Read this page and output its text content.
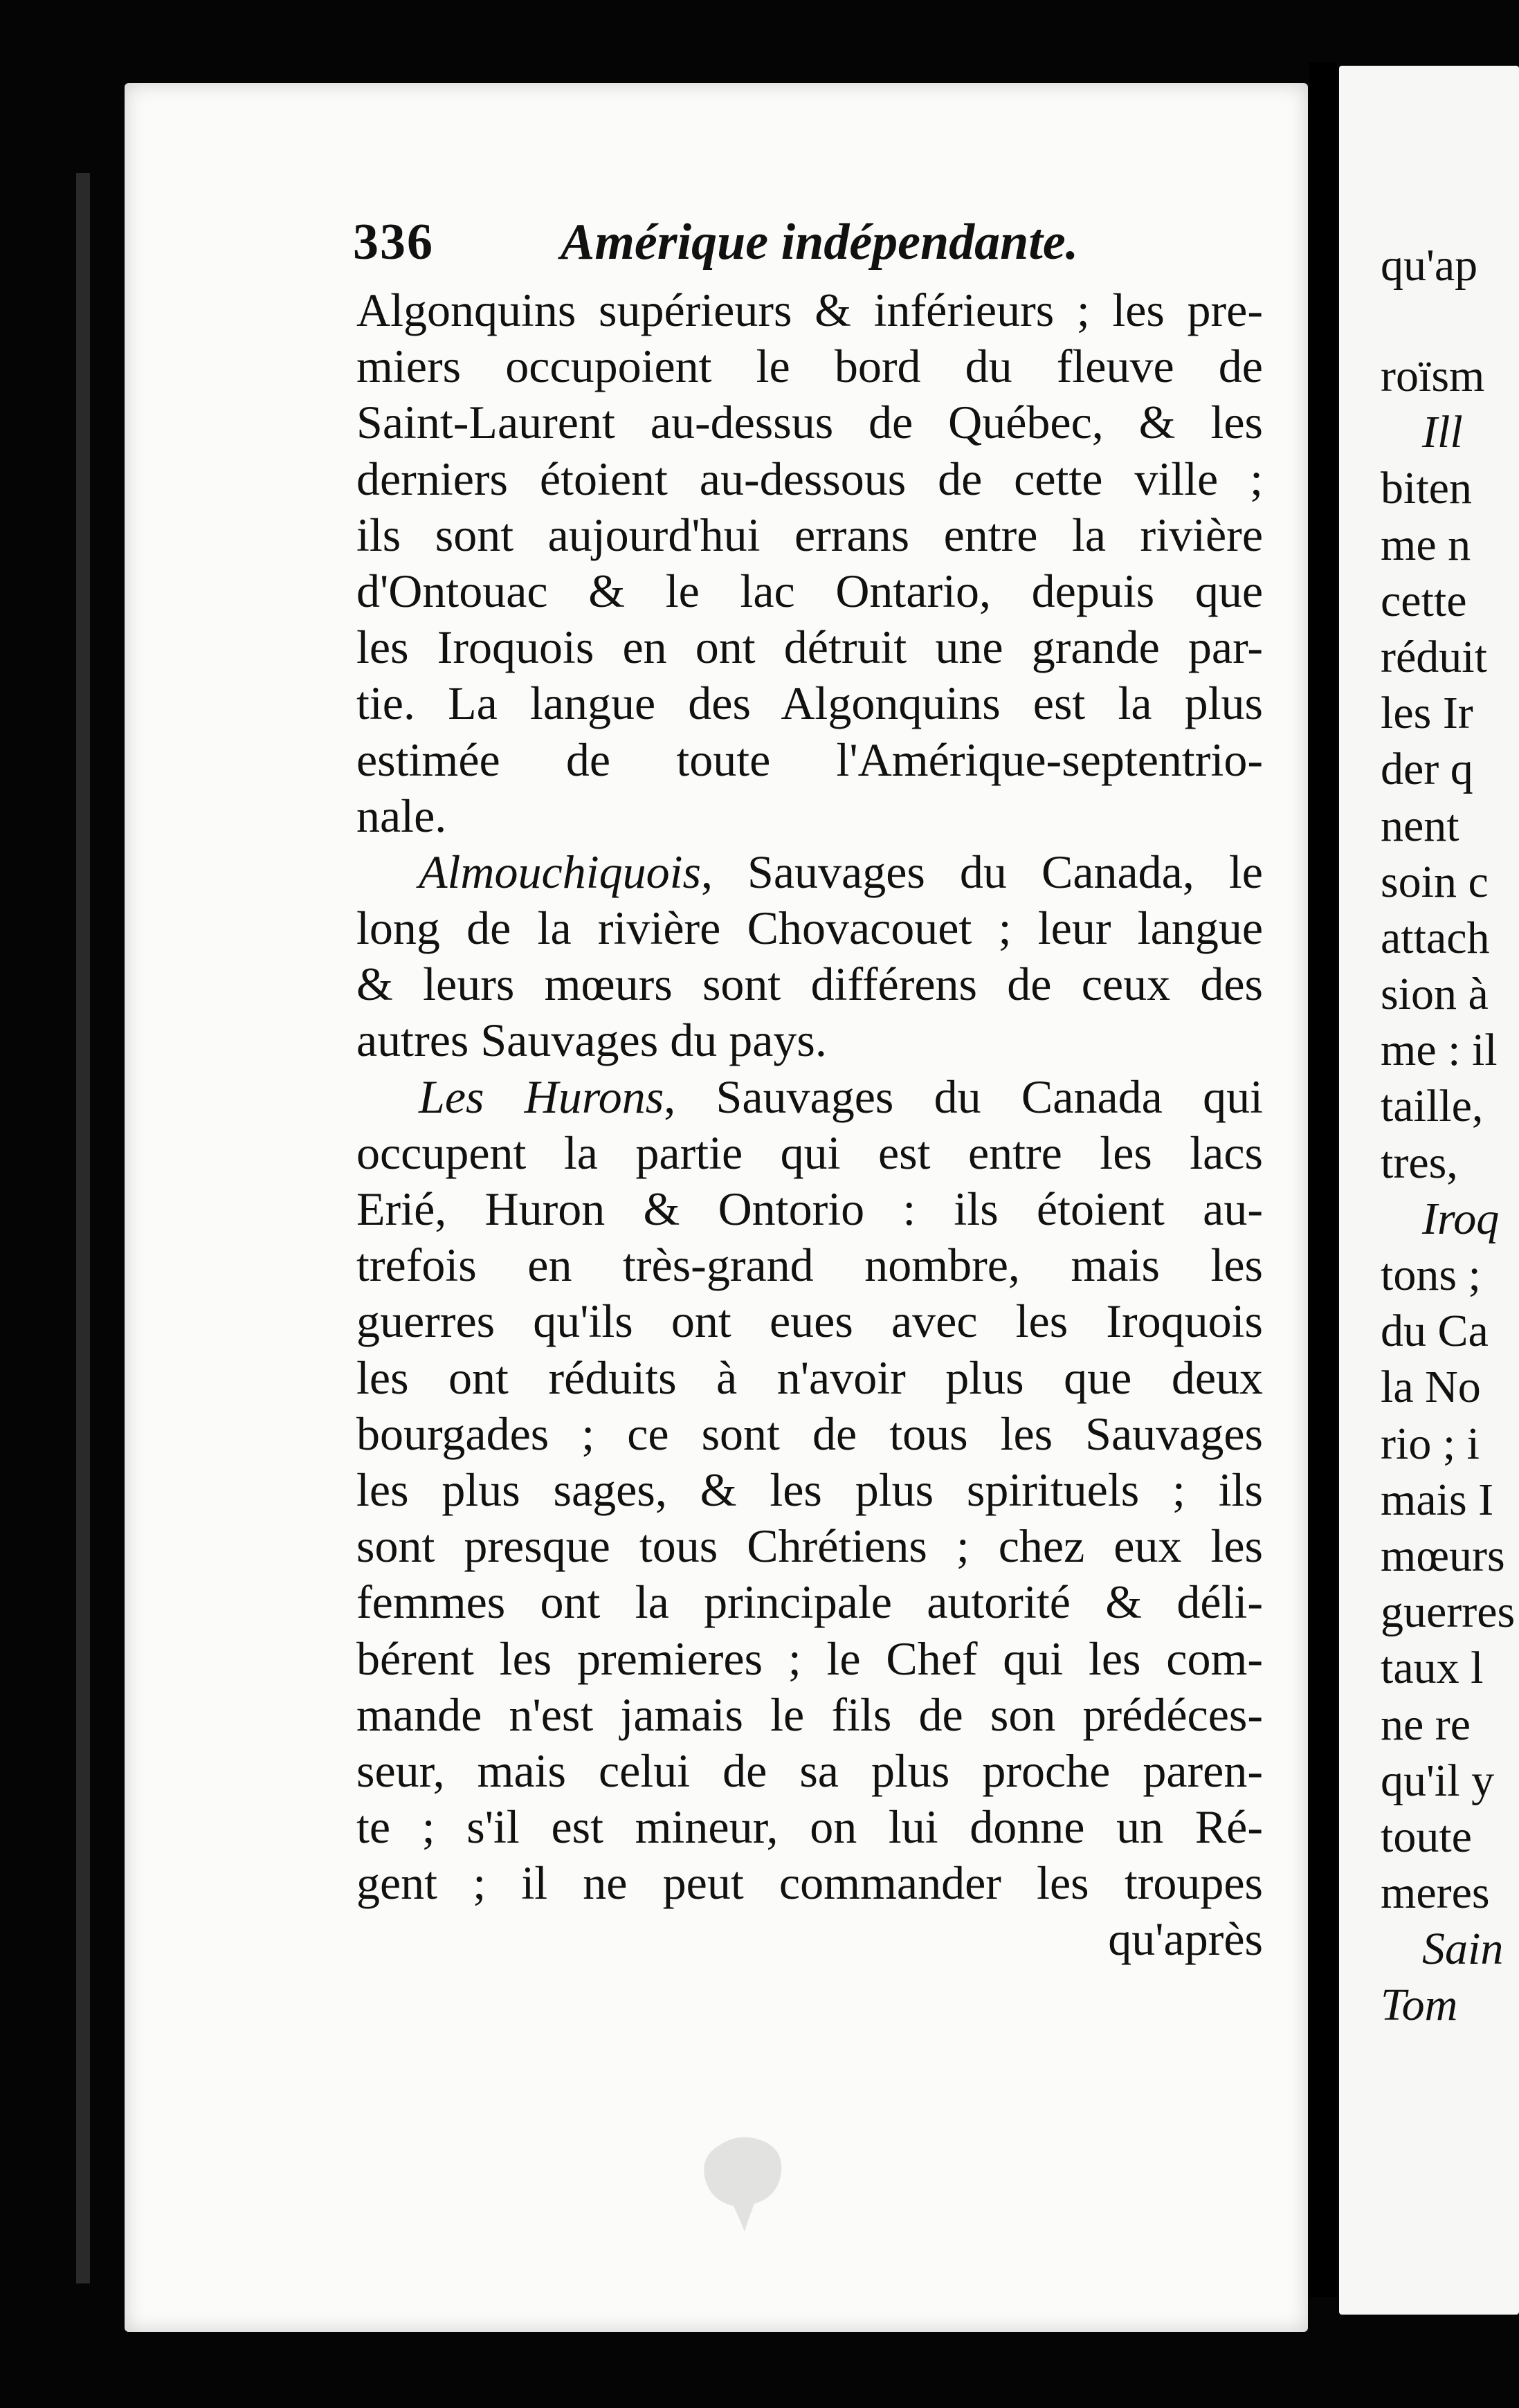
qu'ap
roïsm
Ill
biten
me n
cette
réduit
les Ir
der q
nent
soin c
attach
sion à
me : il
taille,
tres,
Iroq
tons ;
du Ca
la No
rio ; i
mais I
mœurs
guerres
taux l
ne re
qu'il y
toute
meres
Sain
Tom
336 Amérique indépendante.
Algonquins supérieurs & inférieurs ; les pre-
miers occupoient le bord du fleuve de
Saint-Laurent au-dessus de Québec, & les
derniers étoient au-dessous de cette ville ;
ils sont aujourd'hui errans entre la rivière
d'Ontouac & le lac Ontario, depuis que
les Iroquois en ont détruit une grande par-
tie. La langue des Algonquins est la plus
estimée de toute l'Amérique-septentrio-
nale.
Almouchiquois, Sauvages du Canada, le
long de la rivière Chovacouet ; leur langue
& leurs mœurs sont différens de ceux des
autres Sauvages du pays.
Les Hurons, Sauvages du Canada qui
occupent la partie qui est entre les lacs
Erié, Huron & Ontorio : ils étoient au-
trefois en très-grand nombre, mais les
guerres qu'ils ont eues avec les Iroquois
les ont réduits à n'avoir plus que deux
bourgades ; ce sont de tous les Sauvages
les plus sages, & les plus spirituels ; ils
sont presque tous Chrétiens ; chez eux les
femmes ont la principale autorité & déli-
bérent les premieres ; le Chef qui les com-
mande n'est jamais le fils de son prédéces-
seur, mais celui de sa plus proche paren-
te ; s'il est mineur, on lui donne un Ré-
gent ; il ne peut commander les troupes
qu'après
